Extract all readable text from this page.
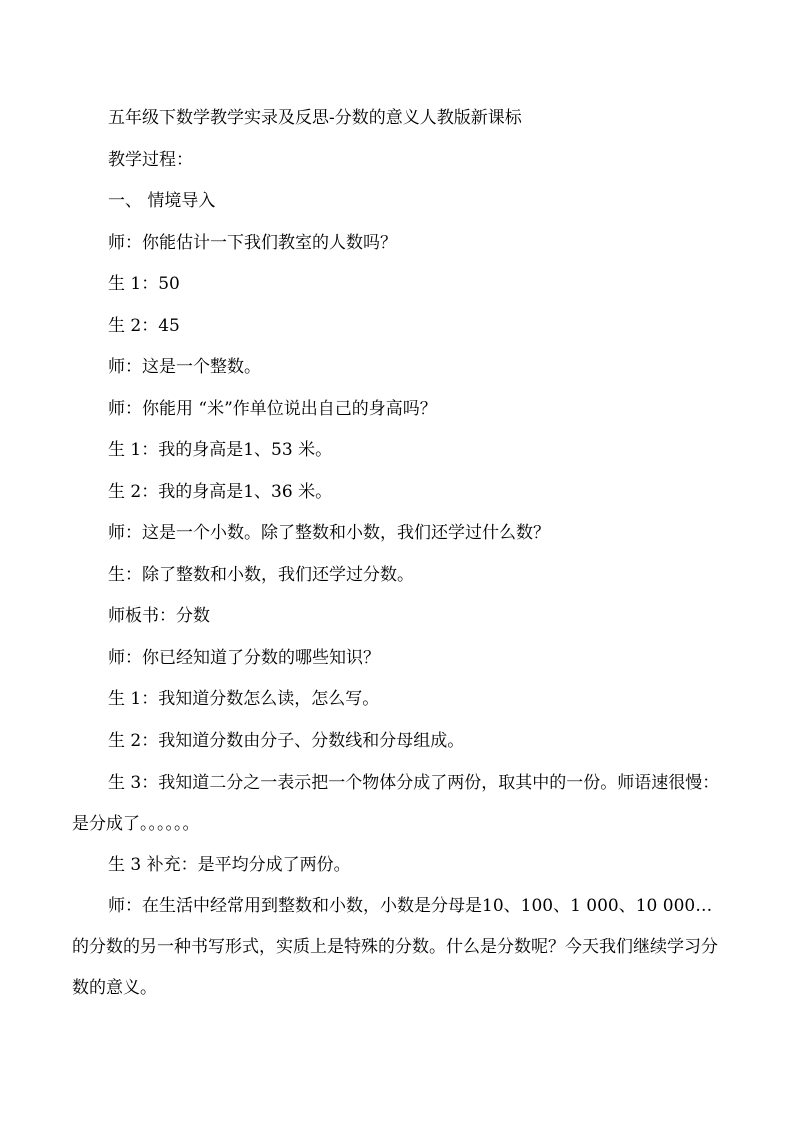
五年级下数学教学实录及反思-分数的意义人教版新课标
教学过程：
一、 情境导入
师：你能估计一下我们教室的人数吗？
生 1：50
生 2：45
师：这是一个整数。
师：你能用 “米”作单位说出自己的身高吗？
生 1：我的身高是1、53 米。
生 2：我的身高是1、36 米。
师：这是一个小数。除了整数和小数，我们还学过什么数？
生：除了整数和小数，我们还学过分数。
师板书：分数
师：你已经知道了分数的哪些知识？
生 1：我知道分数怎么读，怎么写。
生 2：我知道分数由分子、分数线和分母组成。
生 3：我知道二分之一表示把一个物体分成了两份，取其中的一份。师语速很慢：是分成了。。。。。。
生 3 补充：是平均分成了两份。
师：在生活中经常用到整数和小数，小数是分母是10、100、1 000、10 000…的分数的另一种书写形式，实质上是特殊的分数。什么是分数呢？今天我们继续学习分数的意义。
